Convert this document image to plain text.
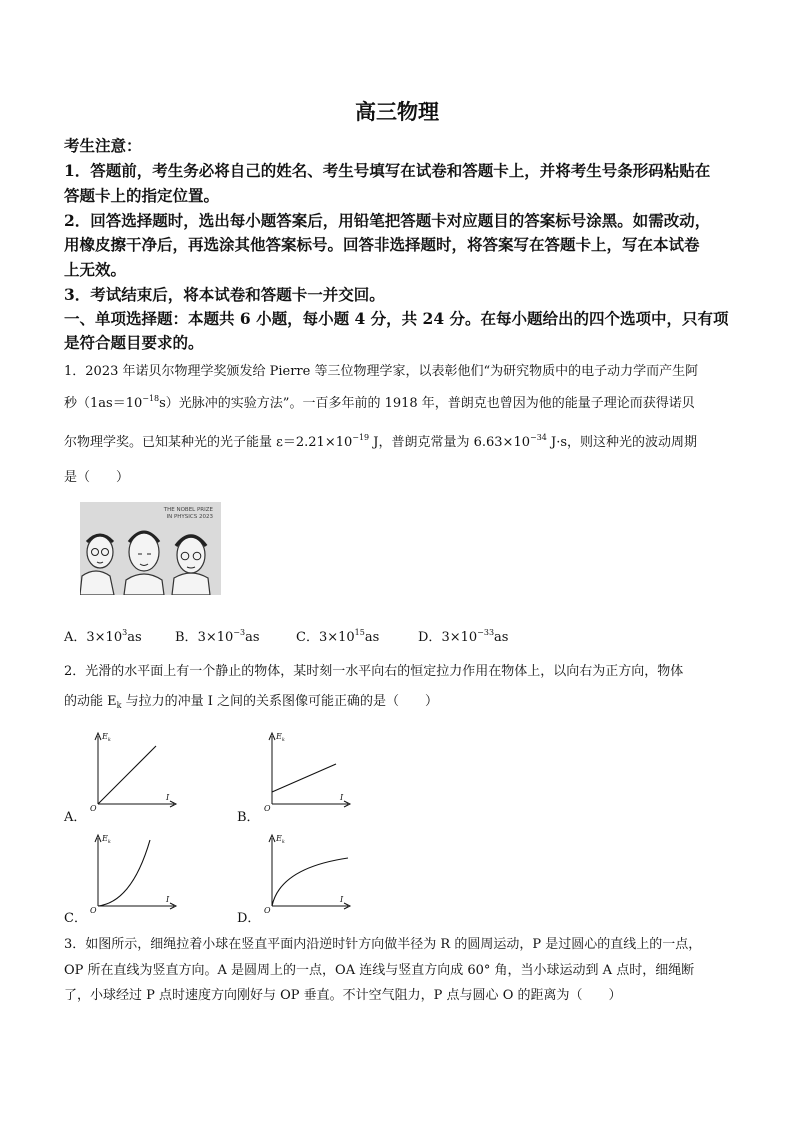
高三物理
考生注意：
1．答题前，考生务必将自己的姓名、考生号填写在试卷和答题卡上，并将考生号条形码粘贴在
答题卡上的指定位置。
2．回答选择题时，选出每小题答案后，用铅笔把答题卡对应题目的答案标号涂黑。如需改动，
用橡皮擦干净后，再选涂其他答案标号。回答非选择题时，将答案写在答题卡上，写在本试卷
上无效。
3．考试结束后，将本试卷和答题卡一并交回。
一、单项选择题：本题共 6 小题，每小题 4 分，共 24 分。在每小题给出的四个选项中，只有项
是符合题目要求的。
1．2023 年诺贝尔物理学奖颁发给 Pierre 等三位物理学家，以表彰他们“为研究物质中的电子动力学而产生阿
秒$(1as=10^{-18}s)$光脉冲的实验方法”。一百多年前的 1918 年，普朗克也曾因为他的能量子理论而获得诺贝
尔物理学奖。已知某种光的光子能量 $\varepsilon=2.21\times 10^{-19}$ J，普朗克常量为 $6.63\times 10^{-34}$ J·s，则这种光的波动周期
是（　　）
THE NOBEL PRIZE
IN PHYSICS 2023
A．$3\times 10^3as$	B．$3\times 10^{-3}as$	C．$3\times 10^{15}as$	D．$3\times 10^{-33}as$
2．光滑的水平面上有一个静止的物体，某时刻一水平向右的恒定拉力作用在物体上，以向右为正方向，物体
的动能 $E_k$ 与拉力的冲量 I 之间的关系图像可能正确的是（　　）
A．
$E_k$
O
I
B．
$E_k$
O
I
C．
$E_k$
O
I
D．
$E_k$
O
I
3．如图所示，细绳拉着小球在竖直平面内沿逆时针方向做半径为 R 的圆周运动，P 是过圆心的直线上的一点，
OP 所在直线为竖直方向。A 是圆周上的一点，OA 连线与竖直方向成 60° 角，当小球运动到 A 点时，细绳断
了，小球经过 P 点时速度方向刚好与 OP 垂直。不计空气阻力，P 点与圆心 O 的距离为（　　）
